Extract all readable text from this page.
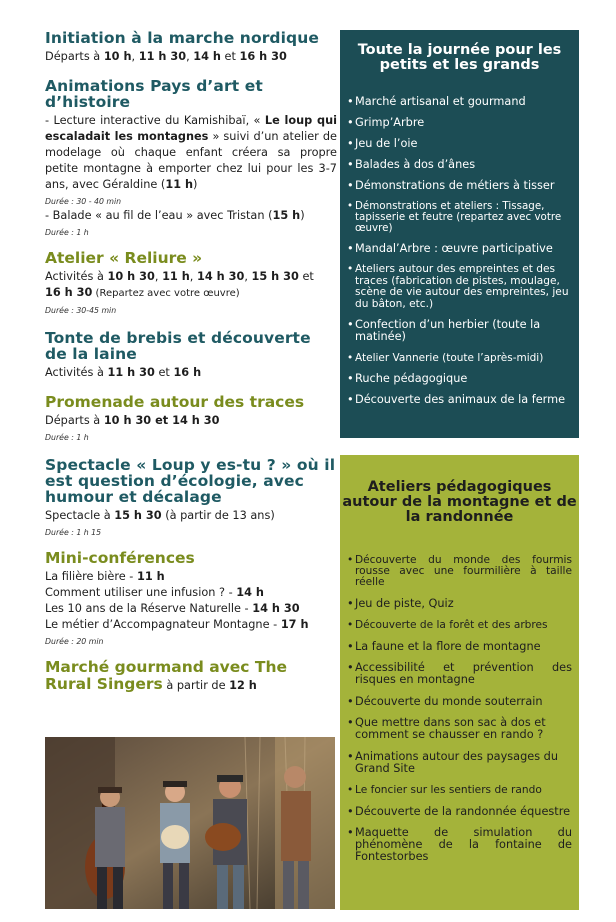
Initiation à la marche nordique

Départs à 10 h, 11 h 30, 14 h et 16 h 30

Animations Pays d’art et d’histoire

- Lecture interactive du Kamishibaï, « Le loup qui escaladait les montagnes » suivi d’un atelier de modelage où chaque enfant créera sa propre petite montagne à emporter chez lui pour les 3-7 ans, avec Géraldine (11 h)

Durée : 30 - 40 min

- Balade « au fil de l’eau » avec Tristan (15 h)

Durée : 1 h
Atelier « Reliure »

Activités à 10 h 30, 11 h, 14 h 30, 15 h 30 et

16 h 30 (Repartez avec votre œuvre)

Durée : 30-45 min
Tonte de brebis et découverte de la laine

Activités à 11 h 30 et 16 h

Promenade autour des traces

Départs à 10 h 30 et 14 h 30

Durée : 1 h
Spectacle « Loup y es-tu ? » où il est question d’écologie, avec humour et décalage

Spectacle à 15 h 30 (à partir de 13 ans)

Durée : 1 h 15
Mini-conférences

La filière bière - 11 h

Comment utiliser une infusion ? - 14 h

Les 10 ans de la Réserve Naturelle - 14 h 30

Le métier d’Accompagnateur Montagne - 17 h

Durée : 20 min
Marché gourmand avec The Rural Singers à partir de 12 h
Toute la journée pour les petits et les grands
• Marché artisanal et gourmand
• Grimp’Arbre
• Jeu de l’oie
• Balades à dos d’ânes
• Démonstrations de métiers à tisser
• Démonstrations et ateliers : Tissage, tapisserie et feutre (repartez avec votre œuvre)
• Mandal’Arbre : œuvre participative
• Ateliers autour des empreintes et des traces (fabrication de pistes, moulage, scène de vie autour des empreintes, jeu du bâton, etc.)
• Confection d’un herbier (toute la matinée)
• Atelier Vannerie (toute l’après-midi)
• Ruche pédagogique
• Découverte des animaux de la ferme
Ateliers pédagogiques autour de la montagne et de la randonnée
• Découverte du monde des fourmis rousse avec une fourmilière à taille réelle
• Jeu de piste, Quiz
• Découverte de la forêt et des arbres
• La faune et la flore de montagne
• Accessibilité et prévention des risques en montagne
• Découverte du monde souterrain
• Que mettre dans son sac à dos et comment se chausser en rando ?
• Animations autour des paysages du Grand Site
• Le foncier sur les sentiers de rando
• Découverte de la randonnée équestre
• Maquette de simulation du phénomène de la fontaine de Fontestorbes
